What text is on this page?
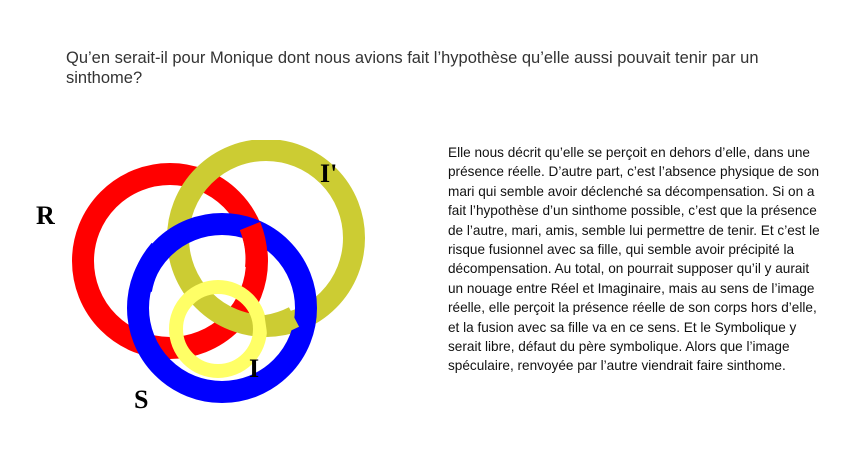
Qu’en serait-il pour Monique dont nous avions fait l’hypothèse qu’elle aussi pouvait tenir par un sinthome?
R
I'
I
S
Elle nous décrit qu’elle se perçoit en dehors d’elle, dans une présence réelle. D’autre part, c’est l’absence physique de son mari qui semble avoir déclenché sa décompensation. Si on a fait l’hypothèse d’un sinthome possible, c’est que la présence de l’autre, mari, amis, semble lui permettre de tenir. Et c’est le risque fusionnel avec sa fille, qui semble avoir précipité la décompensation. Au total, on pourrait supposer qu’il y aurait un nouage entre Réel et Imaginaire, mais au sens de l’image réelle, elle perçoit la présence réelle de son corps hors d’elle, et la fusion avec sa fille va en ce sens. Et le Symbolique y serait libre, défaut du père symbolique. Alors que l’image spéculaire, renvoyée par l’autre viendrait faire sinthome.
